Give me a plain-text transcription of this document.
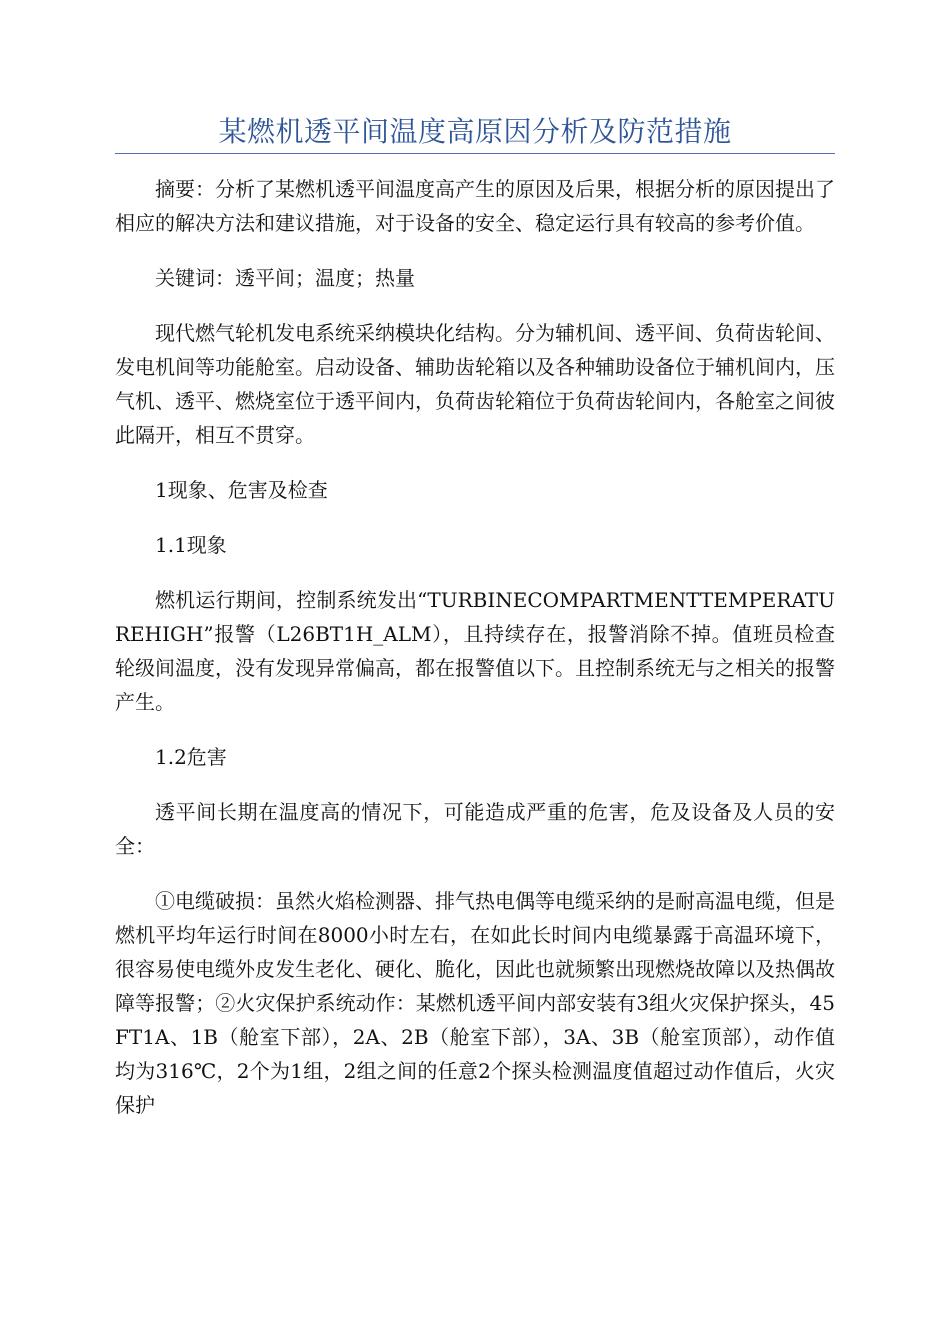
某燃机透平间温度高原因分析及防范措施

摘要：分析了某燃机透平间温度高产生的原因及后果，根据分析的原因提出了相应的解决方法和建议措施，对于设备的安全、稳定运行具有较高的参考价值。

关键词：透平间；温度；热量

现代燃气轮机发电系统采纳模块化结构。分为辅机间、透平间、负荷齿轮间、发电机间等功能舱室。启动设备、辅助齿轮箱以及各种辅助设备位于辅机间内，压气机、透平、燃烧室位于透平间内，负荷齿轮箱位于负荷齿轮间内，各舱室之间彼此隔开，相互不贯穿。

1现象、危害及检查

1.1现象

燃机运行期间，控制系统发出“TURBINECOMPARTMENTTEMPERATUREHIGH”报警（L26BT1H_ALM），且持续存在，报警消除不掉。值班员检查轮级间温度，没有发现异常偏高，都在报警值以下。且控制系统无与之相关的报警产生。

1.2危害

透平间长期在温度高的情况下，可能造成严重的危害，危及设备及人员的安全：

①电缆破损：虽然火焰检测器、排气热电偶等电缆采纳的是耐高温电缆，但是燃机平均年运行时间在8000小时左右，在如此长时间内电缆暴露于高温环境下，很容易使电缆外皮发生老化、硬化、脆化，因此也就频繁出现燃烧故障以及热偶故障等报警；②火灾保护系统动作：某燃机透平间内部安装有3组火灾保护探头，45FT1A、1B（舱室下部），2A、2B（舱室下部），3A、3B（舱室顶部），动作值均为316℃，2个为1组，2组之间的任意2个探头检测温度值超过动作值后，火灾保护
